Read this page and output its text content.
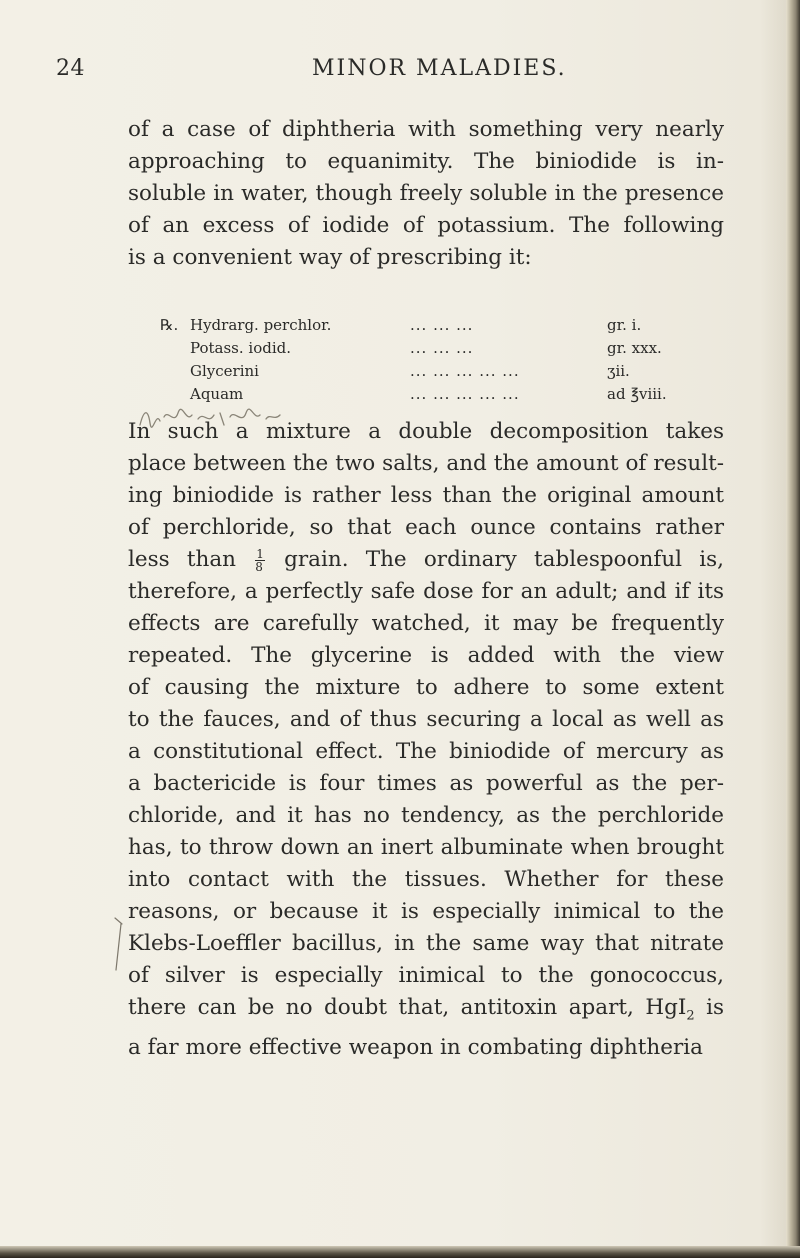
24	MINOR MALADIES.
of a case of diphtheria with something very nearly
approaching to equanimity. The biniodide is in-
soluble in water, though freely soluble in the presence
of an excess of iodide of potassium. The following
is a convenient way of prescribing it:
℞. Hydrarg. perchlor.	... ... ...	gr. i.
Potass. iodid.	... ... ...	gr. xxx.
Glycerini	... ... ... ... ...	ʒii.
Aquam	... ... ... ... ...	ad ℥viii.
In such a mixture a double decomposition takes
place between the two salts, and the amount of result-
ing biniodide is rather less than the original amount
of perchloride, so that each ounce contains rather
less than $\frac{1}{8}$ grain. The ordinary tablespoonful is,
therefore, a perfectly safe dose for an adult; and if its
effects are carefully watched, it may be frequently
repeated. The glycerine is added with the view
of causing the mixture to adhere to some extent
to the fauces, and of thus securing a local as well as
a constitutional effect. The biniodide of mercury as
a bactericide is four times as powerful as the per-
chloride, and it has no tendency, as the perchloride
has, to throw down an inert albuminate when brought
into contact with the tissues. Whether for these
reasons, or because it is especially inimical to the
Klebs-Loeffler bacillus, in the same way that nitrate
of silver is especially inimical to the gonococcus,
there can be no doubt that, antitoxin apart, HgI$_2$ is
a far more effective weapon in combating diphtheria
